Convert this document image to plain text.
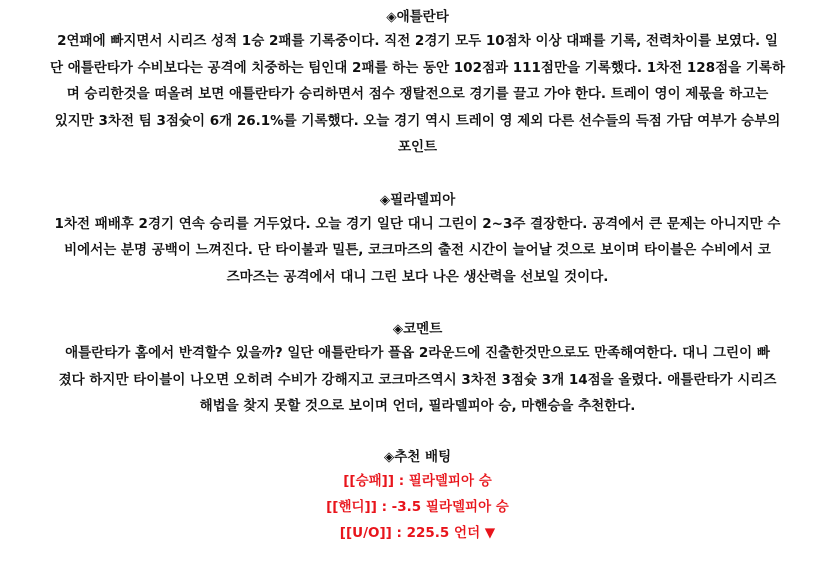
◈애틀란타

2연패에 빠지면서 시리즈 성적 1승 2패를 기록중이다. 직전 2경기 모두 10점차 이상 대패를 기록, 전력차이를 보였다. 일

단 애틀란타가 수비보다는 공격에 치중하는 팀인대 2패를 하는 동안 102점과 111점만을 기록했다. 1차전 128점을 기록하

며 승리한것을 떠올려 보면 애틀란타가 승리하면서 점수 쟁탈전으로 경기를 끌고 가야 한다. 트레이 영이 제몫을 하고는

있지만 3차전 팀 3점슛이 6개 26.1%를 기록했다. 오늘 경기 역시 트레이 영 제외 다른 선수들의 득점 가담 여부가 승부의

포인트

◈필라델피아

1차전 패배후 2경기 연속 승리를 거두었다. 오늘 경기 일단 대니 그린이 2~3주 결장한다. 공격에서 큰 문제는 아니지만 수

비에서는 분명 공백이 느껴진다. 단 타이불과 밀튼, 코크마즈의 출전 시간이 늘어날 것으로 보이며 타이블은 수비에서 코

즈마즈는 공격에서 대니 그린 보다 나은 생산력을 선보일 것이다.

◈코멘트

애틀란타가 홈에서 반격할수 있을까? 일단 애틀란타가 플옵 2라운드에 진출한것만으로도 만족해여한다. 대니 그린이 빠

졌다 하지만 타이블이 나오면 오히려 수비가 강해지고 코크마즈역시 3차전 3점슛 3개 14점을 올렸다. 애틀란타가 시리즈

해법을 찾지 못할 것으로 보이며 언더, 필라델피아 승, 마핸승을 추천한다.

◈추천 배팅

[[승패]] : 필라델피아 승

[[핸디]] : -3.5 필라델피아 승

[[U/O]] : 225.5 언더 ▼
